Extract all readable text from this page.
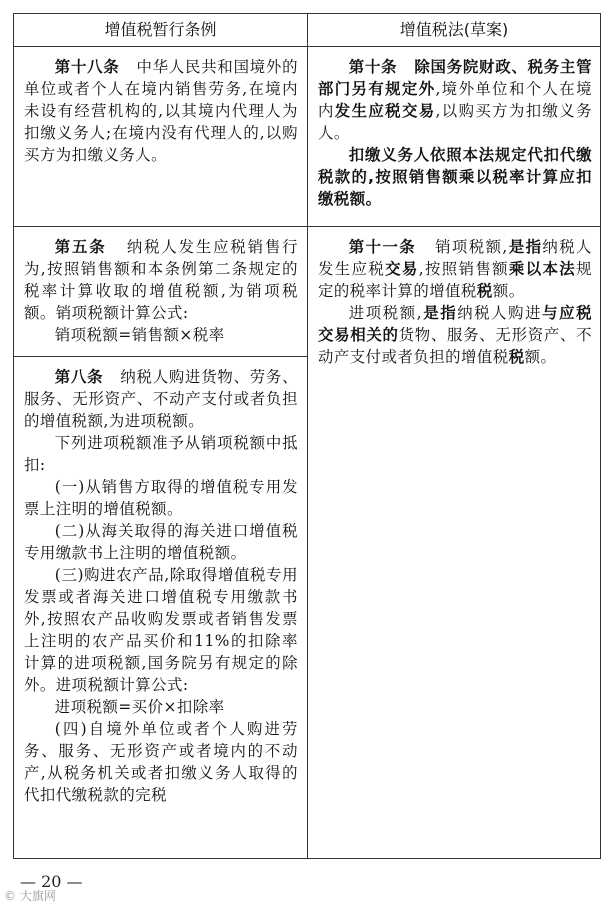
增值税暂行条例	增值税法(草案)

第十八条 中华人民共和国境外的单位或者个人在境内销售劳务,在境内未设有经营机构的,以其境内代理人为扣缴义务人;在境内没有代理人的,以购买方为扣缴义务人。

第十条 除国务院财政、税务主管部门另有规定外,境外单位和个人在境内发生应税交易,以购买方为扣缴义务人。

扣缴义务人依照本法规定代扣代缴税款的,按照销售额乘以税率计算应扣缴税额。

第五条 纳税人发生应税销售行为,按照销售额和本条例第二条规定的税率计算收取的增值税额,为销项税额。销项税额计算公式:

销项税额=销售额×税率

第十一条 销项税额,是指纳税人发生应税交易,按照销售额乘以本法规定的税率计算的增值税税额。

进项税额,是指纳税人购进与应税交易相关的货物、服务、无形资产、不动产支付或者负担的增值税税额。

第八条 纳税人购进货物、劳务、服务、无形资产、不动产支付或者负担的增值税额,为进项税额。

下列进项税额准予从销项税额中抵扣:

(一)从销售方取得的增值税专用发票上注明的增值税额。

(二)从海关取得的海关进口增值税专用缴款书上注明的增值税额。

(三)购进农产品,除取得增值税专用发票或者海关进口增值税专用缴款书外,按照农产品收购发票或者销售发票上注明的农产品买价和11%的扣除率计算的进项税额,国务院另有规定的除外。进项税额计算公式:

进项税额=买价×扣除率

(四)自境外单位或者个人购进劳务、服务、无形资产或者境内的不动产,从税务机关或者扣缴义务人取得的代扣代缴税款的完税

— 20 —
© 大旗网
